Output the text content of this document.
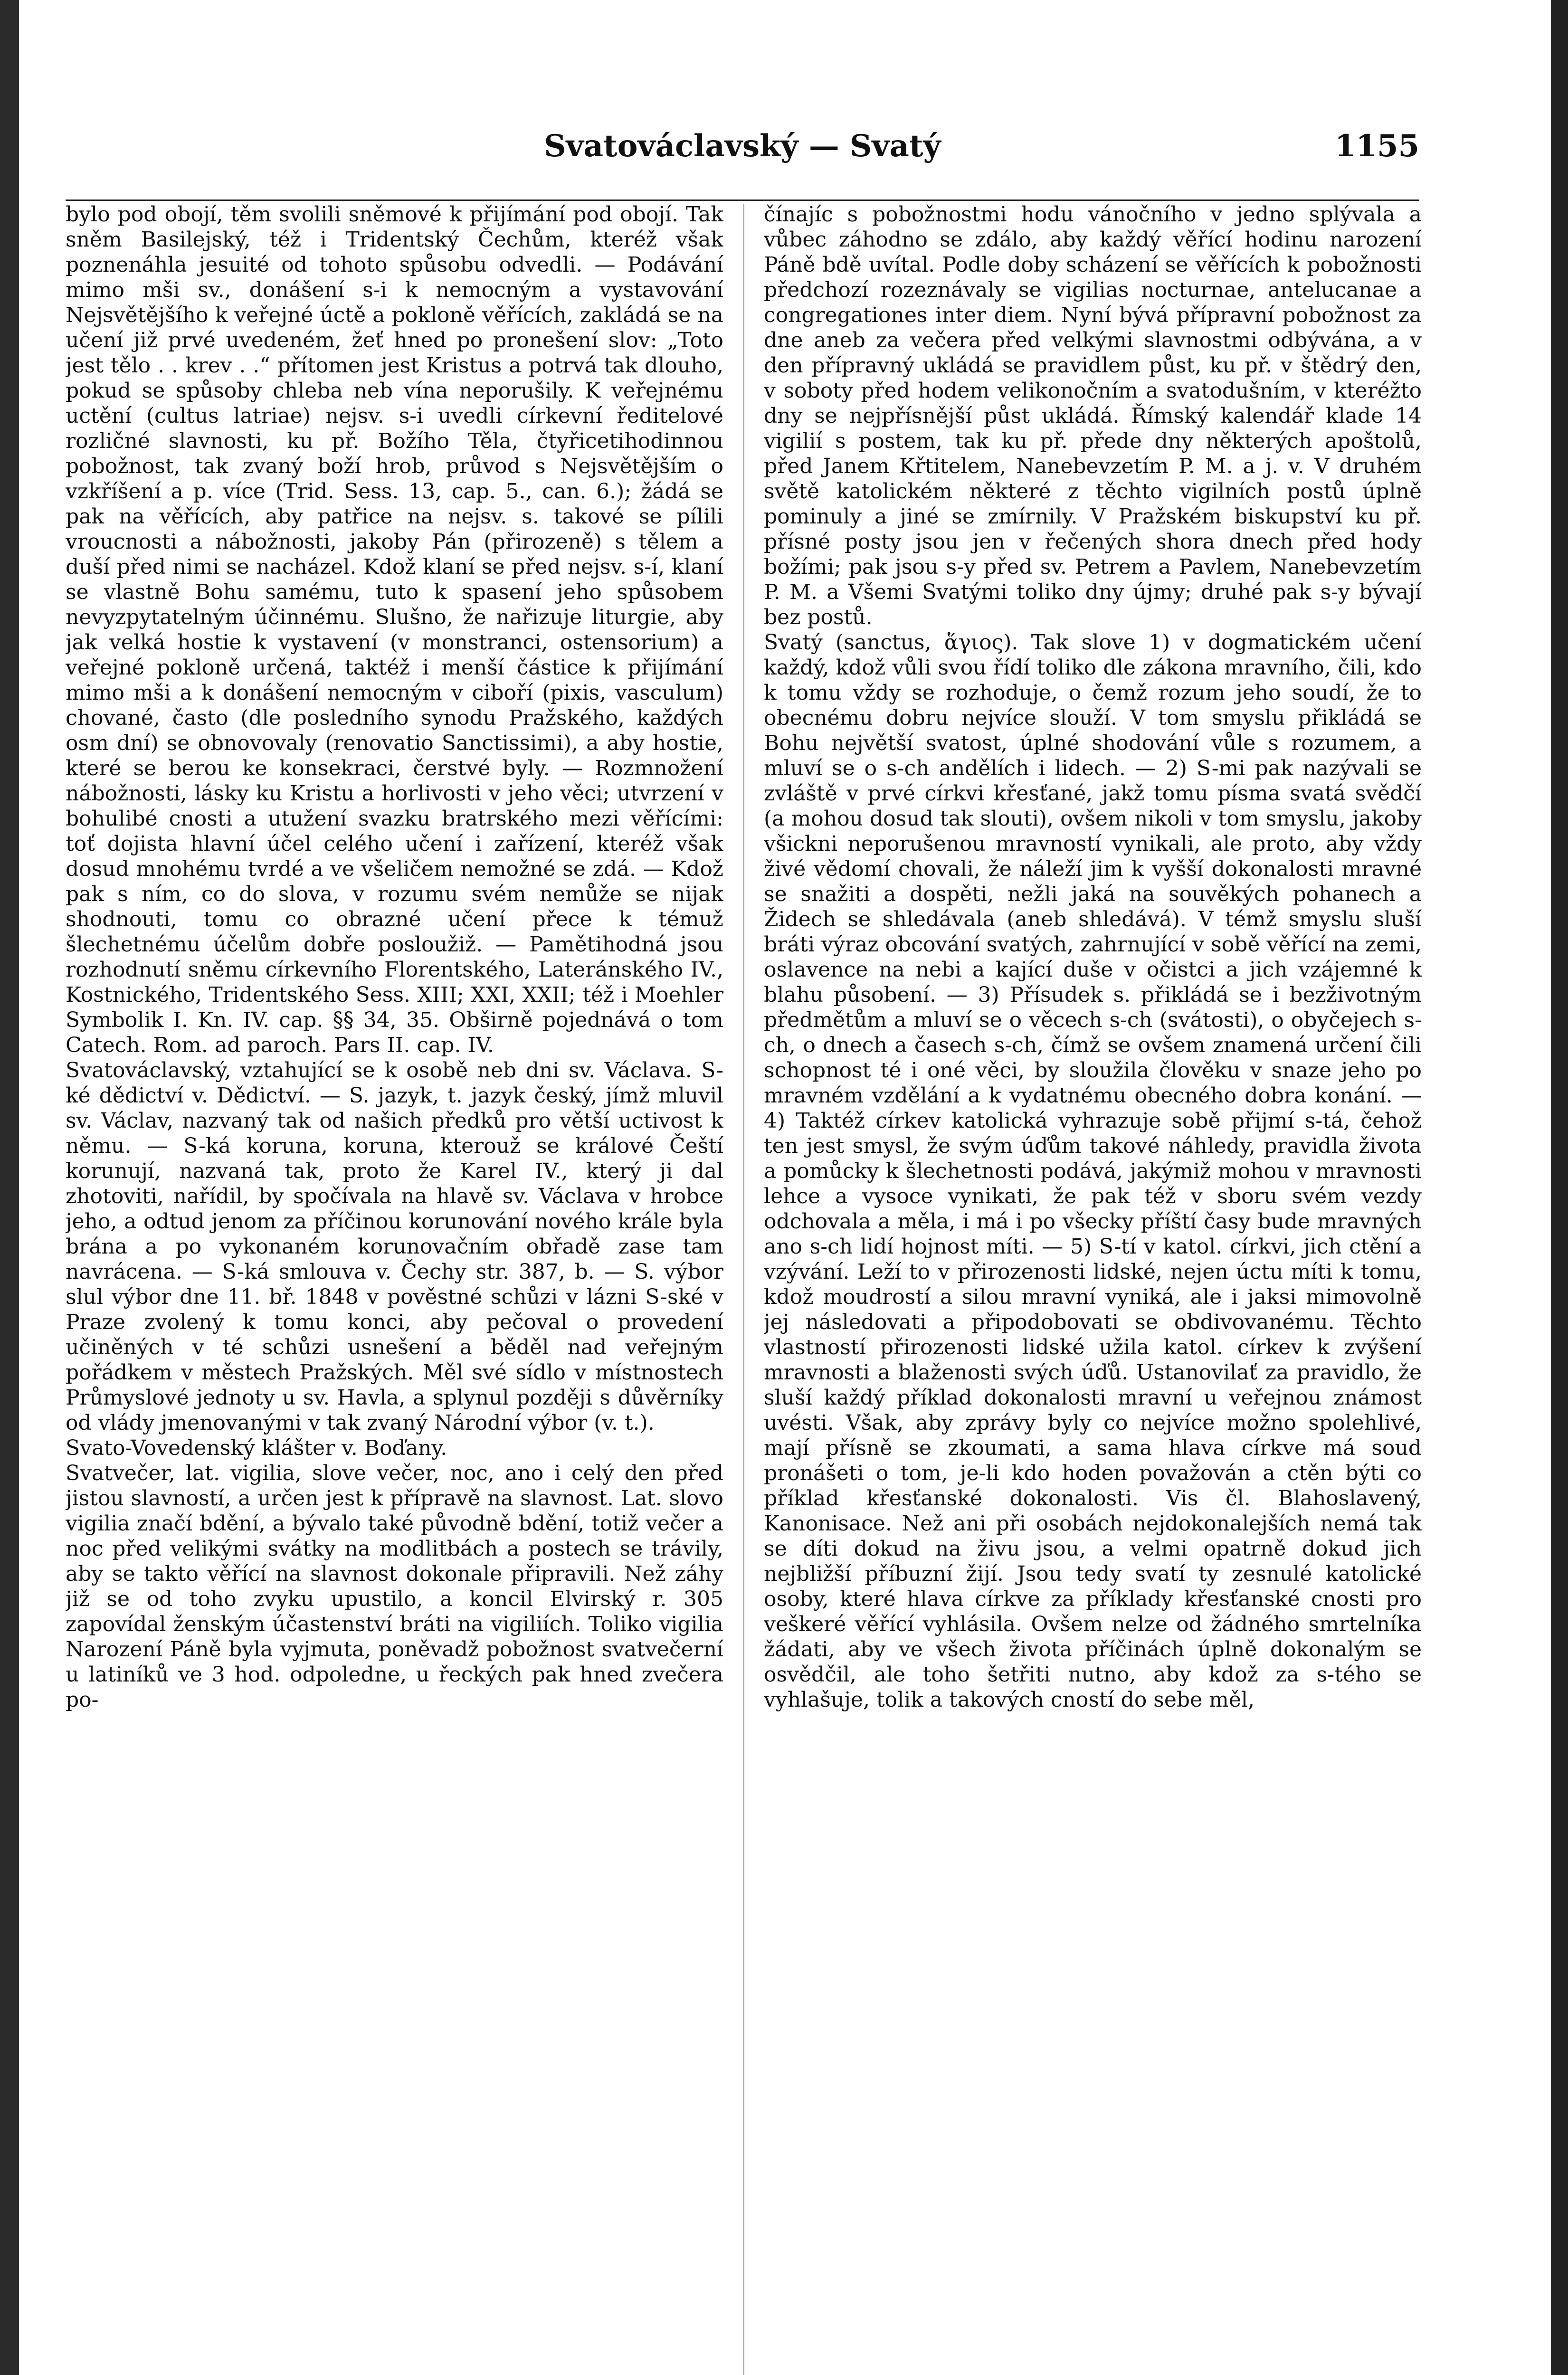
Svatováclavský — Svatý	1155

bylo pod obojí, těm svolili sněmové k přijímání pod obojí. Tak sněm Basilejský, též i Tridentský Čechům, kteréž však poznenáhla jesuité od tohoto spůsobu odvedli. — Podávání mimo mši sv., donášení s-i k nemocným a vystavování Nejsvětějšího k veřejné úctě a pokloně věřících, zakládá se na učení již prvé uvedeném, žeť hned po pronešení slov: „Toto jest tělo . . krev . .“ přítomen jest Kristus a potrvá tak dlouho, pokud se spůsoby chleba neb vína neporušily. K veřejnému uctění (cultus latriae) nejsv. s-i uvedli církevní ředitelové rozličné slavnosti, ku př. Božího Těla, čtyřicetihodinnou pobožnost, tak zvaný boží hrob, průvod s Nejsvětějším o vzkříšení a p. více (Trid. Sess. 13, cap. 5., can. 6.); žádá se pak na věřících, aby patřice na nejsv. s. takové se pílili vroucnosti a nábožnosti, jakoby Pán (přirozeně) s tělem a duší před nimi se nacházel. Kdož klaní se před nejsv. s-í, klaní se vlastně Bohu samému, tuto k spasení jeho spůsobem nevyzpytatelným účinnému. Slušno, že nařizuje liturgie, aby jak velká hostie k vystavení (v monstranci, ostensorium) a veřejné pokloně určená, taktéž i menší částice k přijímání mimo mši a k donášení nemocným v ciboří (pixis, vasculum) chované, často (dle posledního synodu Pražského, každých osm dní) se obnovovaly (renovatio Sanctissimi), a aby hostie, které se berou ke konsekraci, čerstvé byly. — Rozmnožení nábožnosti, lásky ku Kristu a horlivosti v jeho věci; utvrzení v bohulibé cnosti a utužení svazku bratrského mezi věřícími: toť dojista hlavní účel celého učení i zařízení, kteréž však dosud mnohému tvrdé a ve všeličem nemožné se zdá. — Kdož pak s ním, co do slova, v rozumu svém nemůže se nijak shodnouti, tomu co obrazné učení přece k témuž šlechetnému účelům dobře posloužiž. — Pamětihodná jsou rozhodnutí sněmu církevního Florentského, Lateránského IV., Kostnického, Tridentského Sess. XIII; XXI, XXII; též i Moehler Symbolik I. Kn. IV. cap. §§ 34, 35. Obširně pojednává o tom Catech. Rom. ad paroch. Pars II. cap. IV.

Svatováclavský, vztahující se k osobě neb dni sv. Václava. S-ké dědictví v. Dědictví. — S. jazyk, t. jazyk český, jímž mluvil sv. Václav, nazvaný tak od našich předků pro větší uctivost k němu. — S-ká koruna, koruna, kterouž se králové Čeští korunují, nazvaná tak, proto že Karel IV., který ji dal zhotoviti, nařídil, by spočívala na hlavě sv. Václava v hrobce jeho, a odtud jenom za příčinou korunování nového krále byla brána a po vykonaném korunovačním obřadě zase tam navrácena. — S-ká smlouva v. Čechy str. 387, b. — S. výbor slul výbor dne 11. bř. 1848 v pověstné schůzi v lázni S-ské v Praze zvolený k tomu konci, aby pečoval o provedení učiněných v té schůzi usnešení a běděl nad veřejným pořádkem v městech Pražských. Měl své sídlo v místnostech Průmyslové jednoty u sv. Havla, a splynul později s důvěrníky od vlády jmenovanými v tak zvaný Národní výbor (v. t.).

Svato-Vovedenský klášter v. Boďany.

Svatvečer, lat. vigilia, slove večer, noc, ano i celý den před jistou slavností, a určen jest k přípravě na slavnost. Lat. slovo vigilia značí bdění, a bývalo také původně bdění, totiž večer a noc před velikými svátky na modlitbách a postech se trávily, aby se takto věřící na slavnost dokonale připravili. Než záhy již se od toho zvyku upustilo, a koncil Elvirský r. 305 zapovídal ženským účastenství bráti na vigiliích. Toliko vigilia Narození Páně byla vyjmuta, poněvadž pobožnost svatvečerní u latiníků ve 3 hod. odpoledne, u řeckých pak hned zvečera po-

čínajíc s pobožnostmi hodu vánočního v jedno splývala a vůbec záhodno se zdálo, aby každý věřící hodinu narození Páně bdě uvítal. Podle doby scházení se věřících k pobožnosti předchozí rozeznávaly se vigilias nocturnae, antelucanae a congregationes inter diem. Nyní bývá přípravní pobožnost za dne aneb za večera před velkými slavnostmi odbývána, a v den přípravný ukládá se pravidlem půst, ku př. v štědrý den, v soboty před hodem velikonočním a svatodušním, v kteréžto dny se nejpřísnější půst ukládá. Římský kalendář klade 14 vigilií s postem, tak ku př. přede dny některých apoštolů, před Janem Křtitelem, Nanebevzetím P. M. a j. v. V druhém světě katolickém některé z těchto vigilních postů úplně pominuly a jiné se zmírnily. V Pražském biskupství ku př. přísné posty jsou jen v řečených shora dnech před hody božími; pak jsou s-y před sv. Petrem a Pavlem, Nanebevzetím P. M. a Všemi Svatými toliko dny újmy; druhé pak s-y bývají bez postů.

Svatý (sanctus, ἅγιος). Tak slove 1) v dogmatickém učení každý, kdož vůli svou řídí toliko dle zákona mravního, čili, kdo k tomu vždy se rozhoduje, o čemž rozum jeho soudí, že to obecnému dobru nejvíce slouží. V tom smyslu přikládá se Bohu největší svatost, úplné shodování vůle s rozumem, a mluví se o s-ch andělích i lidech. — 2) S-mi pak nazývali se zvláště v prvé církvi křesťané, jakž tomu písma svatá svědčí (a mohou dosud tak slouti), ovšem nikoli v tom smyslu, jakoby všickni neporušenou mravností vynikali, ale proto, aby vždy živé vědomí chovali, že náleží jim k vyšší dokonalosti mravné se snažiti a dospěti, nežli jaká na souvěkých pohanech a Židech se shledávala (aneb shledává). V témž smyslu sluší bráti výraz obcování svatých, zahrnující v sobě věřící na zemi, oslavence na nebi a kající duše v očistci a jich vzájemné k blahu působení. — 3) Přísudek s. přikládá se i bezživotným předmětům a mluví se o věcech s-ch (svátosti), o obyčejech s-ch, o dnech a časech s-ch, čímž se ovšem znamená určení čili schopnost té i oné věci, by sloužila člověku v snaze jeho po mravném vzdělání a k vydatnému obecného dobra konání. — 4) Taktéž církev katolická vyhrazuje sobě přijmí s-tá, čehož ten jest smysl, že svým úďům takové náhledy, pravidla života a pomůcky k šlechetnosti podává, jakýmiž mohou v mravnosti lehce a vysoce vynikati, že pak též v sboru svém vezdy odchovala a měla, i má i po všecky příští časy bude mravných ano s-ch lidí hojnost míti. — 5) S-tí v katol. církvi, jich ctění a vzývání. Leží to v přirozenosti lidské, nejen úctu míti k tomu, kdož moudrostí a silou mravní vyniká, ale i jaksi mimovolně jej následovati a připodobovati se obdivovanému. Těchto vlastností přirozenosti lidské užila katol. církev k zvýšení mravnosti a blaženosti svých úďů. Ustanovilať za pravidlo, že sluší každý příklad dokonalosti mravní u veřejnou známost uvésti. Však, aby zprávy byly co nejvíce možno spolehlivé, mají přísně se zkoumati, a sama hlava církve má soud pronášeti o tom, je-li kdo hoden považován a ctěn býti co příklad křesťanské dokonalosti. Vis čl. Blahoslavený, Kanonisace. Než ani při osobách nejdokonalejších nemá tak se díti dokud na živu jsou, a velmi opatrně dokud jich nejbližší příbuzní žijí. Jsou tedy svatí ty zesnulé katolické osoby, které hlava církve za příklady křesťanské cnosti pro veškeré věřící vyhlásila. Ovšem nelze od žádného smrtelníka žádati, aby ve všech života příčinách úplně dokonalým se osvědčil, ale toho šetřiti nutno, aby kdož za s-tého se vyhlašuje, tolik a takových cností do sebe měl,
